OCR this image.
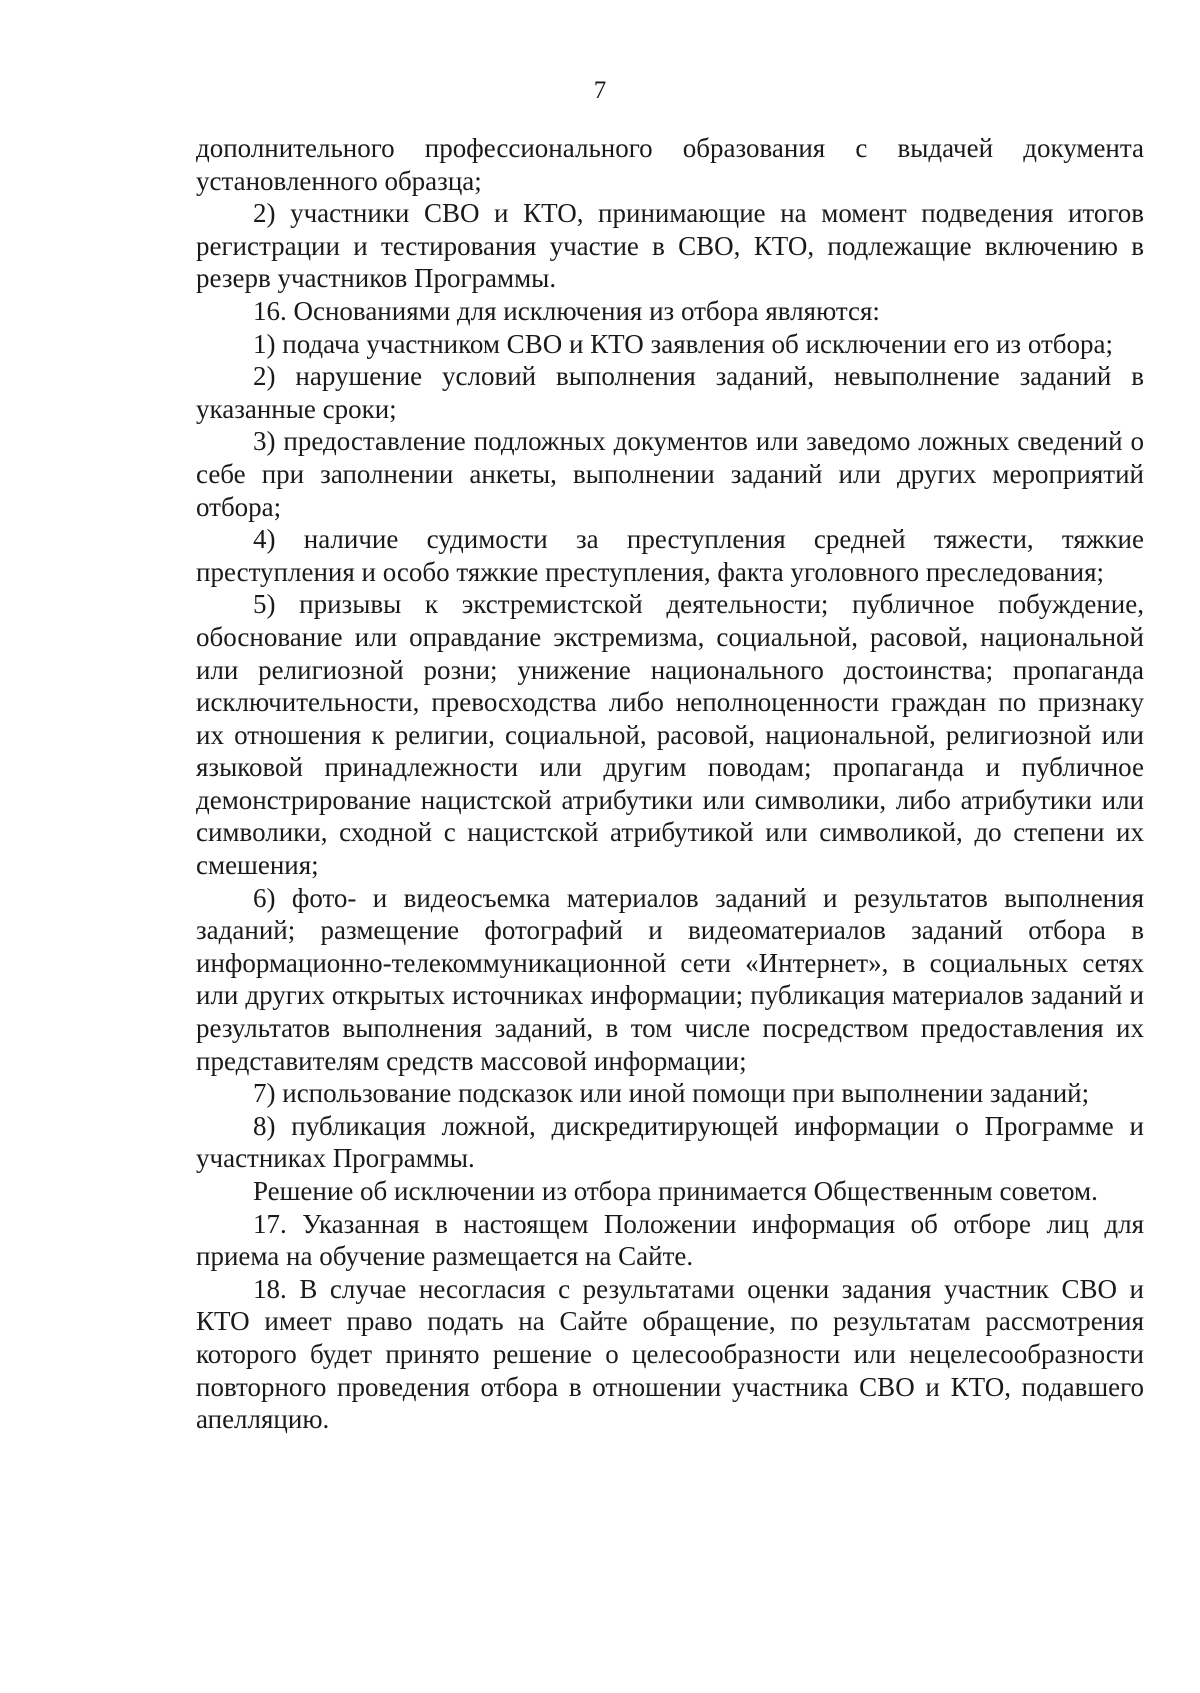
7

дополнительного профессионального образования с выдачей документа установленного образца;

2) участники СВО и КТО, принимающие на момент подведения итогов регистрации и тестирования участие в СВО, КТО, подлежащие включению в резерв участников Программы.

16. Основаниями для исключения из отбора являются:

1) подача участником СВО и КТО заявления об исключении его из отбора;

2) нарушение условий выполнения заданий, невыполнение заданий в указанные сроки;

3) предоставление подложных документов или заведомо ложных сведений о себе при заполнении анкеты, выполнении заданий или других мероприятий отбора;

4) наличие судимости за преступления средней тяжести, тяжкие преступления и особо тяжкие преступления, факта уголовного преследования;

5) призывы к экстремистской деятельности; публичное побуждение, обоснование или оправдание экстремизма, социальной, расовой, национальной или религиозной розни; унижение национального достоинства; пропаганда исключительности, превосходства либо неполноценности граждан по признаку их отношения к религии, социальной, расовой, национальной, религиозной или языковой принадлежности или другим поводам; пропаганда и публичное демонстрирование нацистской атрибутики или символики, либо атрибутики или символики, сходной с нацистской атрибутикой или символикой, до степени их смешения;

6) фото- и видеосъемка материалов заданий и результатов выполнения заданий; размещение фотографий и видеоматериалов заданий отбора в информационно-телекоммуникационной сети «Интернет», в социальных сетях или других открытых источниках информации; публикация материалов заданий и результатов выполнения заданий, в том числе посредством предоставления их представителям средств массовой информации;

7) использование подсказок или иной помощи при выполнении заданий;

8) публикация ложной, дискредитирующей информации о Программе и участниках Программы.

Решение об исключении из отбора принимается Общественным советом.

17. Указанная в настоящем Положении информация об отборе лиц для приема на обучение размещается на Сайте.

18. В случае несогласия с результатами оценки задания участник СВО и КТО имеет право подать на Сайте обращение, по результатам рассмотрения которого будет принято решение о целесообразности или нецелесообразности повторного проведения отбора в отношении участника СВО и КТО, подавшего апелляцию.
